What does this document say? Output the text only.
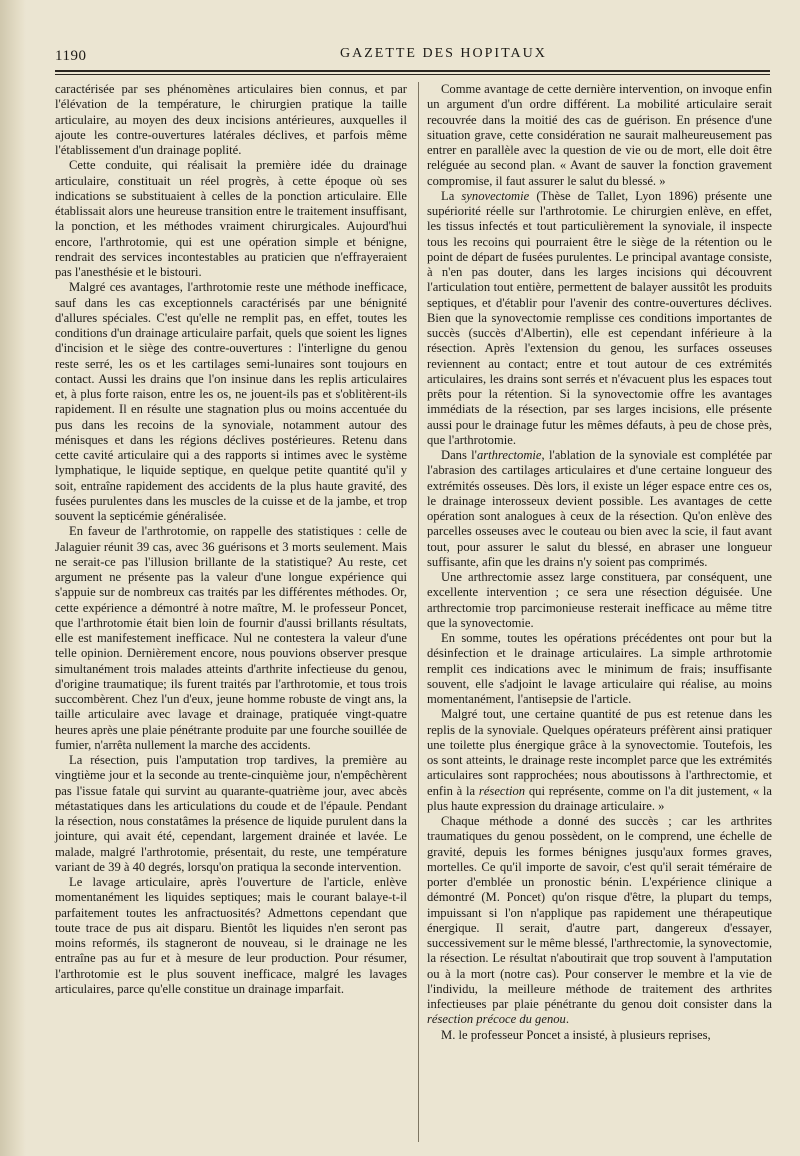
1190	GAZETTE DES HOPITAUX

caractérisée par ses phénomènes articulaires bien connus, et par l'élévation de la température, le chirurgien pratique la taille articulaire, au moyen des deux incisions antérieures, auxquelles il ajoute les contre-ouvertures latérales déclives, et parfois même l'établissement d'un drainage poplité.

Cette conduite, qui réalisait la première idée du drainage articulaire, constituait un réel progrès, à cette époque où ses indications se substituaient à celles de la ponction articulaire. Elle établissait alors une heureuse transition entre le traitement insuffisant, la ponction, et les méthodes vraiment chirurgicales. Aujourd'hui encore, l'arthrotomie, qui est une opération simple et bénigne, rendrait des services incontestables au praticien que n'effrayeraient pas l'anesthésie et le bistouri.

Malgré ces avantages, l'arthrotomie reste une méthode inefficace, sauf dans les cas exceptionnels caractérisés par une bénignité d'allures spéciales. C'est qu'elle ne remplit pas, en effet, toutes les conditions d'un drainage articulaire parfait, quels que soient les lignes d'incision et le siège des contre-ouvertures : l'interligne du genou reste serré, les os et les cartilages semi-lunaires sont toujours en contact. Aussi les drains que l'on insinue dans les replis articulaires et, à plus forte raison, entre les os, ne jouent-ils pas et s'oblitèrent-ils rapidement. Il en résulte une stagnation plus ou moins accentuée du pus dans les recoins de la synoviale, notamment autour des ménisques et dans les régions déclives postérieures. Retenu dans cette cavité articulaire qui a des rapports si intimes avec le système lymphatique, le liquide septique, en quelque petite quantité qu'il y soit, entraîne rapidement des accidents de la plus haute gravité, des fusées purulentes dans les muscles de la cuisse et de la jambe, et trop souvent la septicémie généralisée.

En faveur de l'arthrotomie, on rappelle des statistiques : celle de Jalaguier réunit 39 cas, avec 36 guérisons et 3 morts seulement. Mais ne serait-ce pas l'illusion brillante de la statistique? Au reste, cet argument ne présente pas la valeur d'une longue expérience qui s'appuie sur de nombreux cas traités par les différentes méthodes. Or, cette expérience a démontré à notre maître, M. le professeur Poncet, que l'arthrotomie était bien loin de fournir d'aussi brillants résultats, elle est manifestement inefficace. Nul ne contestera la valeur d'une telle opinion. Dernièrement encore, nous pouvions observer presque simultanément trois malades atteints d'arthrite infectieuse du genou, d'origine traumatique; ils furent traités par l'arthrotomie, et tous trois succombèrent. Chez l'un d'eux, jeune homme robuste de vingt ans, la taille articulaire avec lavage et drainage, pratiquée vingt-quatre heures après une plaie pénétrante produite par une fourche souillée de fumier, n'arrêta nullement la marche des accidents.

La résection, puis l'amputation trop tardives, la première au vingtième jour et la seconde au trente-cinquième jour, n'empêchèrent pas l'issue fatale qui survint au quarante-quatrième jour, avec abcès métastatiques dans les articulations du coude et de l'épaule. Pendant la résection, nous constatâmes la présence de liquide purulent dans la jointure, qui avait été, cependant, largement drainée et lavée. Le malade, malgré l'arthrotomie, présentait, du reste, une température variant de 39 à 40 degrés, lorsqu'on pratiqua la seconde intervention.

Le lavage articulaire, après l'ouverture de l'article, enlève momentanément les liquides septiques; mais le courant balaye-t-il parfaitement toutes les anfractuosités? Admettons cependant que toute trace de pus ait disparu. Bientôt les liquides n'en seront pas moins reformés, ils stagneront de nouveau, si le drainage ne les entraîne pas au fur et à mesure de leur production. Pour résumer, l'arthrotomie est le plus souvent inefficace, malgré les lavages articulaires, parce qu'elle constitue un drainage imparfait.

Comme avantage de cette dernière intervention, on invoque enfin un argument d'un ordre différent. La mobilité articulaire serait recouvrée dans la moitié des cas de guérison. En présence d'une situation grave, cette considération ne saurait malheureusement pas entrer en parallèle avec la question de vie ou de mort, elle doit être reléguée au second plan. « Avant de sauver la fonction gravement compromise, il faut assurer le salut du blessé. »

La synovectomie (Thèse de Tallet, Lyon 1896) présente une supériorité réelle sur l'arthrotomie. Le chirurgien enlève, en effet, les tissus infectés et tout particulièrement la synoviale, il inspecte tous les recoins qui pourraient être le siège de la rétention ou le point de départ de fusées purulentes. Le principal avantage consiste, à n'en pas douter, dans les larges incisions qui découvrent l'articulation tout entière, permettent de balayer aussitôt les produits septiques, et d'établir pour l'avenir des contre-ouvertures déclives. Bien que la synovectomie remplisse ces conditions importantes de succès (succès d'Albertin), elle est cependant inférieure à la résection. Après l'extension du genou, les surfaces osseuses reviennent au contact; entre et tout autour de ces extrémités articulaires, les drains sont serrés et n'évacuent plus les espaces tout prêts pour la rétention. Si la synovectomie offre les avantages immédiats de la résection, par ses larges incisions, elle présente aussi pour le drainage futur les mêmes défauts, à peu de chose près, que l'arthrotomie.

Dans l'arthrectomie, l'ablation de la synoviale est complétée par l'abrasion des cartilages articulaires et d'une certaine longueur des extrémités osseuses. Dès lors, il existe un léger espace entre ces os, le drainage interosseux devient possible. Les avantages de cette opération sont analogues à ceux de la résection. Qu'on enlève des parcelles osseuses avec le couteau ou bien avec la scie, il faut avant tout, pour assurer le salut du blessé, en abraser une longueur suffisante, afin que les drains n'y soient pas comprimés.

Une arthrectomie assez large constituera, par conséquent, une excellente intervention ; ce sera une résection déguisée. Une arthrectomie trop parcimonieuse resterait inefficace au même titre que la synovectomie.

En somme, toutes les opérations précédentes ont pour but la désinfection et le drainage articulaires. La simple arthrotomie remplit ces indications avec le minimum de frais; insuffisante souvent, elle s'adjoint le lavage articulaire qui réalise, au moins momentanément, l'antisepsie de l'article.

Malgré tout, une certaine quantité de pus est retenue dans les replis de la synoviale. Quelques opérateurs préfèrent ainsi pratiquer une toilette plus énergique grâce à la synovectomie. Toutefois, les os sont atteints, le drainage reste incomplet parce que les extrémités articulaires sont rapprochées; nous aboutissons à l'arthrectomie, et enfin à la résection qui représente, comme on l'a dit justement, « la plus haute expression du drainage articulaire. »

Chaque méthode a donné des succès ; car les arthrites traumatiques du genou possèdent, on le comprend, une échelle de gravité, depuis les formes bénignes jusqu'aux formes graves, mortelles. Ce qu'il importe de savoir, c'est qu'il serait téméraire de porter d'emblée un pronostic bénin. L'expérience clinique a démontré (M. Poncet) qu'on risque d'être, la plupart du temps, impuissant si l'on n'applique pas rapidement une thérapeutique énergique. Il serait, d'autre part, dangereux d'essayer, successivement sur le même blessé, l'arthrectomie, la synovectomie, la résection. Le résultat n'aboutirait que trop souvent à l'amputation ou à la mort (notre cas). Pour conserver le membre et la vie de l'individu, la meilleure méthode de traitement des arthrites infectieuses par plaie pénétrante du genou doit consister dans la résection précoce du genou.

M. le professeur Poncet a insisté, à plusieurs reprises,
